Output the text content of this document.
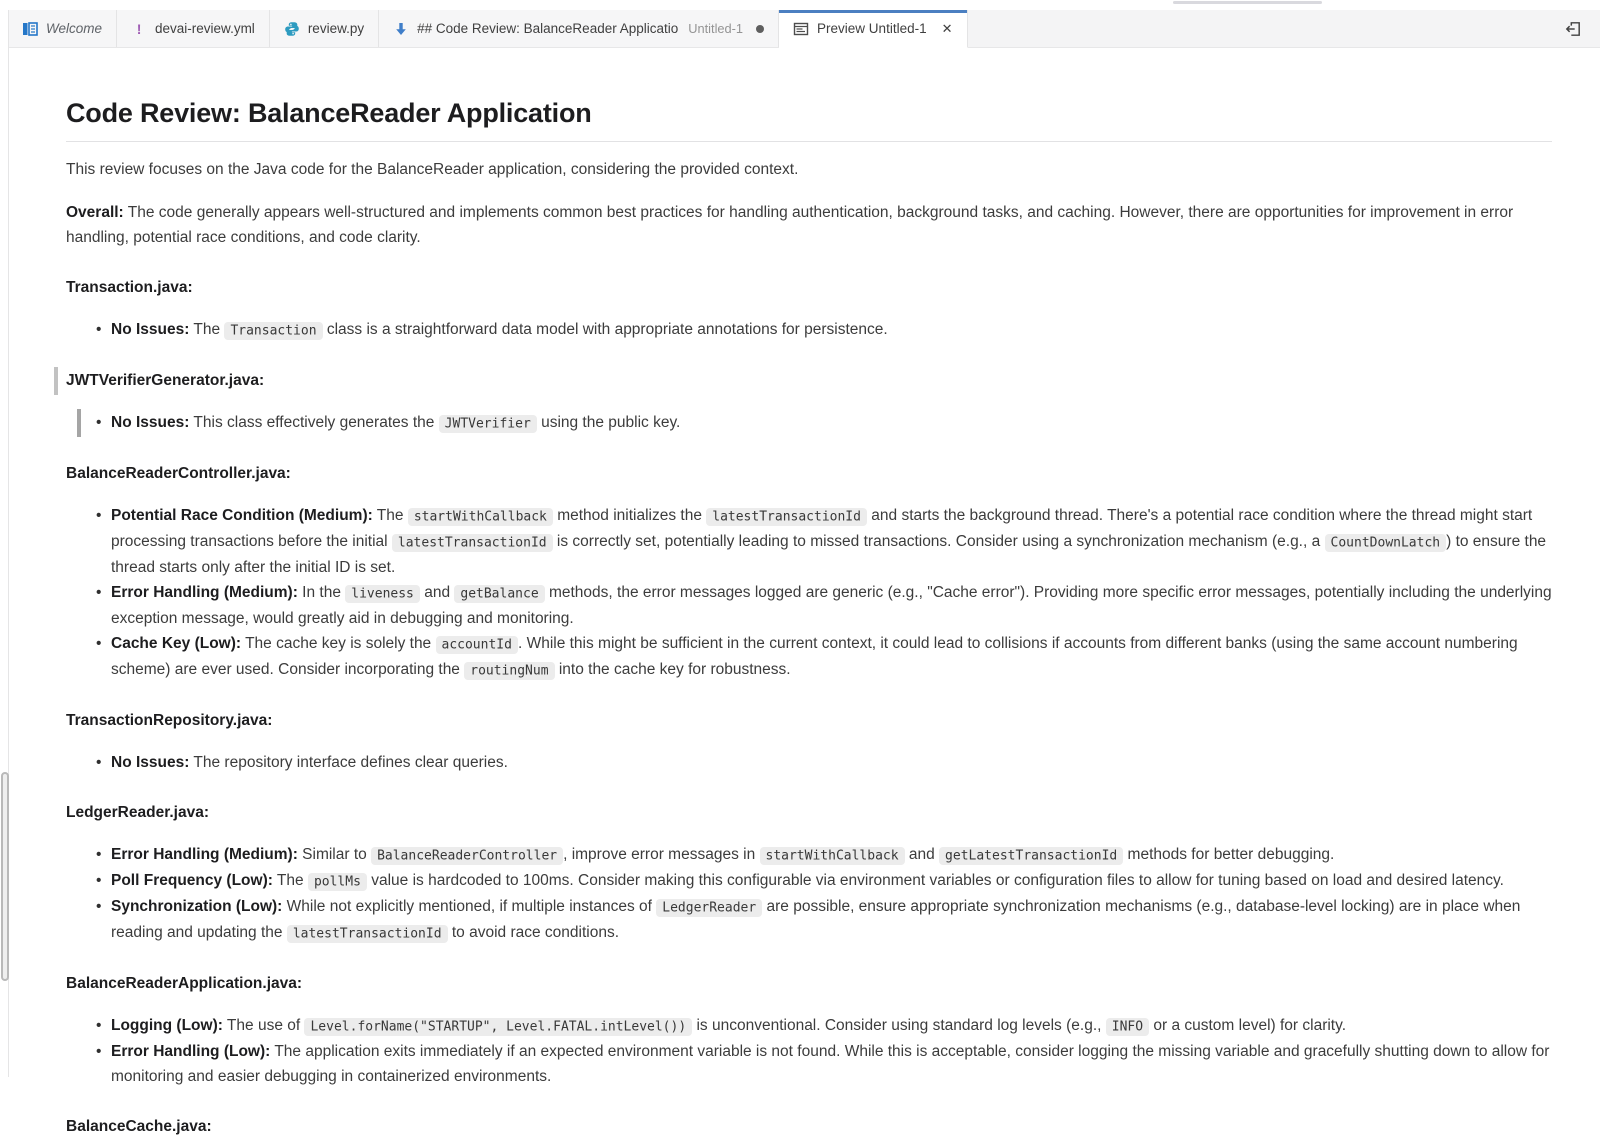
Welcome	!	devai-review.yml	review.py	## Code Review: BalanceReader Applicatio Untitled-1	Preview Untitled-1 ✕
Code Review: BalanceReader Application

This review focuses on the Java code for the BalanceReader application, considering the provided context.

Overall: The code generally appears well-structured and implements common best practices for handling authentication, background tasks, and caching. However, there are opportunities for improvement in error handling, potential race conditions, and code clarity.

Transaction.java:

• No Issues: The Transaction class is a straightforward data model with appropriate annotations for persistence.

JWTVerifierGenerator.java:

• No Issues: This class effectively generates the JWTVerifier using the public key.

BalanceReaderController.java:

• Potential Race Condition (Medium): The startWithCallback method initializes the latestTransactionId and starts the background thread. There's a potential race condition where the thread might start processing transactions before the initial latestTransactionId is correctly set, potentially leading to missed transactions. Consider using a synchronization mechanism (e.g., a CountDownLatch ) to ensure the thread starts only after the initial ID is set.
• Error Handling (Medium): In the liveness and getBalance methods, the error messages logged are generic (e.g., "Cache error"). Providing more specific error messages, potentially including the underlying exception message, would greatly aid in debugging and monitoring.
• Cache Key (Low): The cache key is solely the accountId . While this might be sufficient in the current context, it could lead to collisions if accounts from different banks (using the same account numbering scheme) are ever used. Consider incorporating the routingNum into the cache key for robustness.

TransactionRepository.java:

• No Issues: The repository interface defines clear queries.

LedgerReader.java:

• Error Handling (Medium): Similar to BalanceReaderController , improve error messages in startWithCallback and getLatestTransactionId methods for better debugging.
• Poll Frequency (Low): The pollMs value is hardcoded to 100ms. Consider making this configurable via environment variables or configuration files to allow for tuning based on load and desired latency.
• Synchronization (Low): While not explicitly mentioned, if multiple instances of LedgerReader are possible, ensure appropriate synchronization mechanisms (e.g., database-level locking) are in place when reading and updating the latestTransactionId to avoid race conditions.

BalanceReaderApplication.java:

• Logging (Low): The use of Level.forName("STARTUP", Level.FATAL.intLevel()) is unconventional. Consider using standard log levels (e.g., INFO or a custom level) for clarity.
• Error Handling (Low): The application exits immediately if an expected environment variable is not found. While this is acceptable, consider logging the missing variable and gracefully shutting down to allow for monitoring and easier debugging in containerized environments.

BalanceCache.java:
